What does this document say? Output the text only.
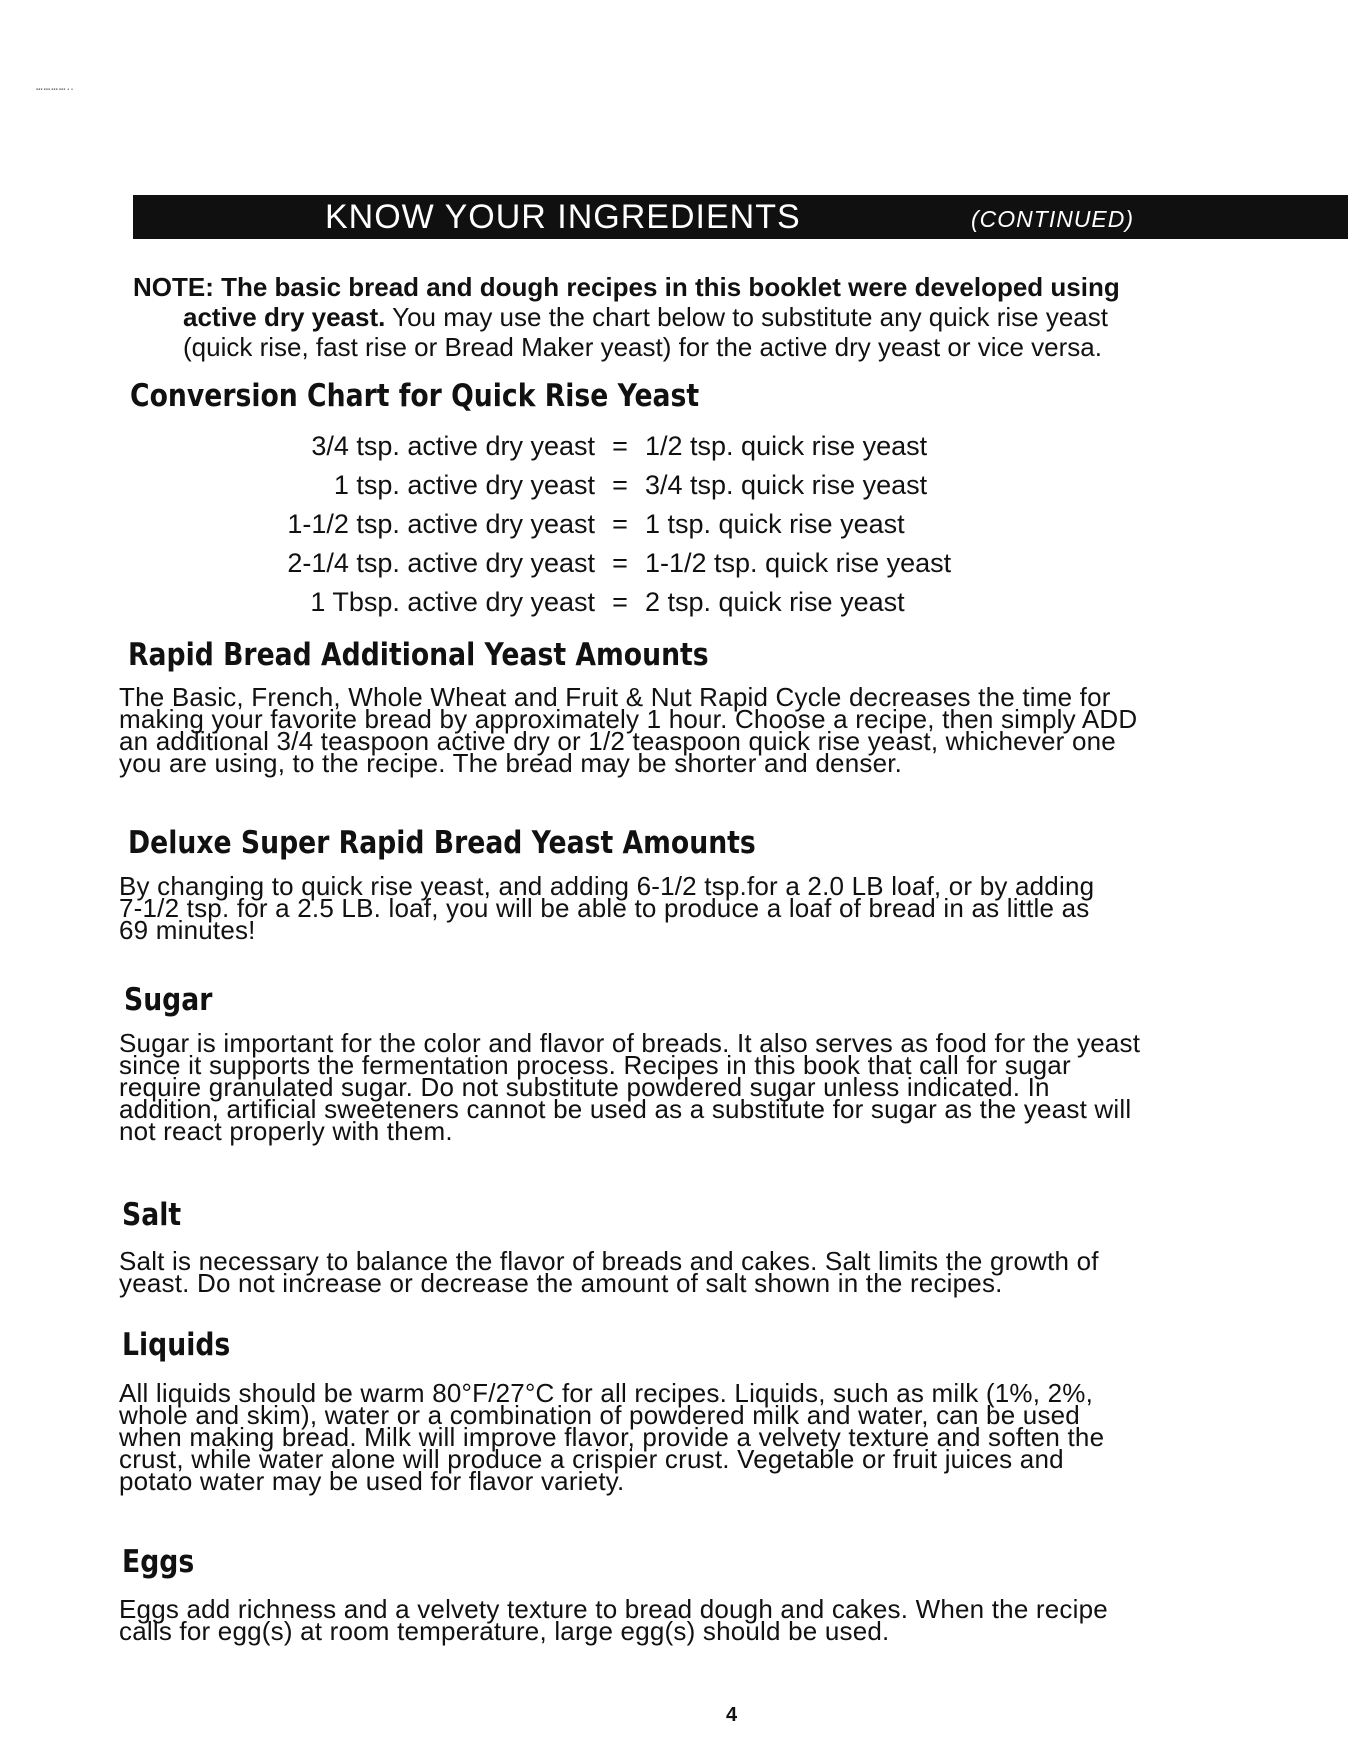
…………‥
KNOW YOUR INGREDIENTS	(CONTINUED)

NOTE: The basic bread and dough recipes in this booklet were developed using

active dry yeast. You may use the chart below to substitute any quick rise yeast

(quick rise, fast rise or Bread Maker yeast) for the active dry yeast or vice versa.

Conversion Chart for Quick Rise Yeast
3/4 tsp. active dry yeast = 1/2 tsp. quick rise yeast
1 tsp. active dry yeast = 3/4 tsp. quick rise yeast
1-1/2 tsp. active dry yeast = 1 tsp. quick rise yeast
2-1/4 tsp. active dry yeast = 1-1/2 tsp. quick rise yeast
1 Tbsp. active dry yeast = 2 tsp. quick rise yeast
Rapid Bread Additional Yeast Amounts
The Basic, French, Whole Wheat and Fruit & Nut Rapid Cycle decreases the time for
making your favorite bread by approximately 1 hour. Choose a recipe, then simply ADD
an additional 3/4 teaspoon active dry or 1/2 teaspoon quick rise yeast, whichever one
you are using, to the recipe. The bread may be shorter and denser.
Deluxe Super Rapid Bread Yeast Amounts
By changing to quick rise yeast, and adding 6-1/2 tsp.for a 2.0 LB loaf, or by adding
7-1/2 tsp. for a 2.5 LB. loaf, you will be able to produce a loaf of bread in as little as
69 minutes!
Sugar
Sugar is important for the color and flavor of breads. It also serves as food for the yeast
since it supports the fermentation process. Recipes in this book that call for sugar
require granulated sugar. Do not substitute powdered sugar unless indicated. In
addition, artificial sweeteners cannot be used as a substitute for sugar as the yeast will
not react properly with them.
Salt
Salt is necessary to balance the flavor of breads and cakes. Salt limits the growth of
yeast. Do not increase or decrease the amount of salt shown in the recipes.
Liquids
All liquids should be warm 80°F/27°C for all recipes. Liquids, such as milk (1%, 2%,
whole and skim), water or a combination of powdered milk and water, can be used
when making bread. Milk will improve flavor, provide a velvety texture and soften the
crust, while water alone will produce a crispier crust. Vegetable or fruit juices and
potato water may be used for flavor variety.
Eggs
Eggs add richness and a velvety texture to bread dough and cakes. When the recipe
calls for egg(s) at room temperature, large egg(s) should be used.
4
